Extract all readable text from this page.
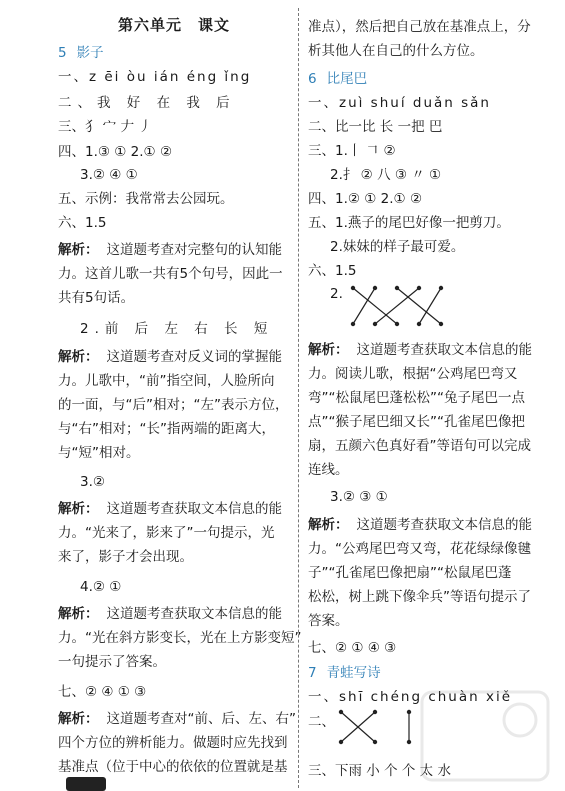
第六单元　课文
5 影子
一、z ēi òu ián éng ǐng
二、我 好 在 我 后
三、犭 宀 𠂇 丿
四、1.③ ① 2.① ②
3.② ④ ①
五、示例：我常常去公园玩。
六、1.5
解析： 这道题考查对完整句的认知能
力。这首儿歌一共有5个句号，因此一
共有5句话。
2.前 后 左 右 长 短
解析： 这道题考查对反义词的掌握能
力。儿歌中，“前”指空间，人脸所向
的一面，与“后”相对；“左”表示方位，
与“右”相对；“长”指两端的距离大，
与“短”相对。
3.②
解析： 这道题考查获取文本信息的能
力。“光来了，影来了”一句提示，光
来了，影子才会出现。
4.② ①
解析： 这道题考查获取文本信息的能
力。“光在斜方影变长，光在上方影变短”
一句提示了答案。
七、② ④ ① ③
解析： 这道题考查对“前、后、左、右”
四个方位的辨析能力。做题时应先找到
基准点（位于中心的依依的位置就是基
准点），然后把自己放在基准点上，分
析其他人在自己的什么方位。
6 比尾巴
一、zuì shuí duǎn sǎn
二、比一比 长 一把 巴
三、1.丨 𠃍 ②
2.扌 ② 八 ③ 〃 ①
四、1.② ① 2.① ②
五、1.燕子的尾巴好像一把剪刀。
2.妹妹的样子最可爱。
六、1.5
2.
解析： 这道题考查获取文本信息的能
力。阅读儿歌，根据“公鸡尾巴弯又
弯”“松鼠尾巴蓬松松”“兔子尾巴一点
点”“猴子尾巴细又长”“孔雀尾巴像把
扇，五颜六色真好看”等语句可以完成
连线。
3.② ③ ①
解析： 这道题考查获取文本信息的能
力。“公鸡尾巴弯又弯，花花绿绿像毽
子”“孔雀尾巴像把扇”“松鼠尾巴蓬
松松，树上跳下像伞兵”等语句提示了
答案。
七、② ① ④ ③
7 青蛙写诗
一、shī chéng chuàn xiě
二、
三、下雨 小 个 个 太 水
